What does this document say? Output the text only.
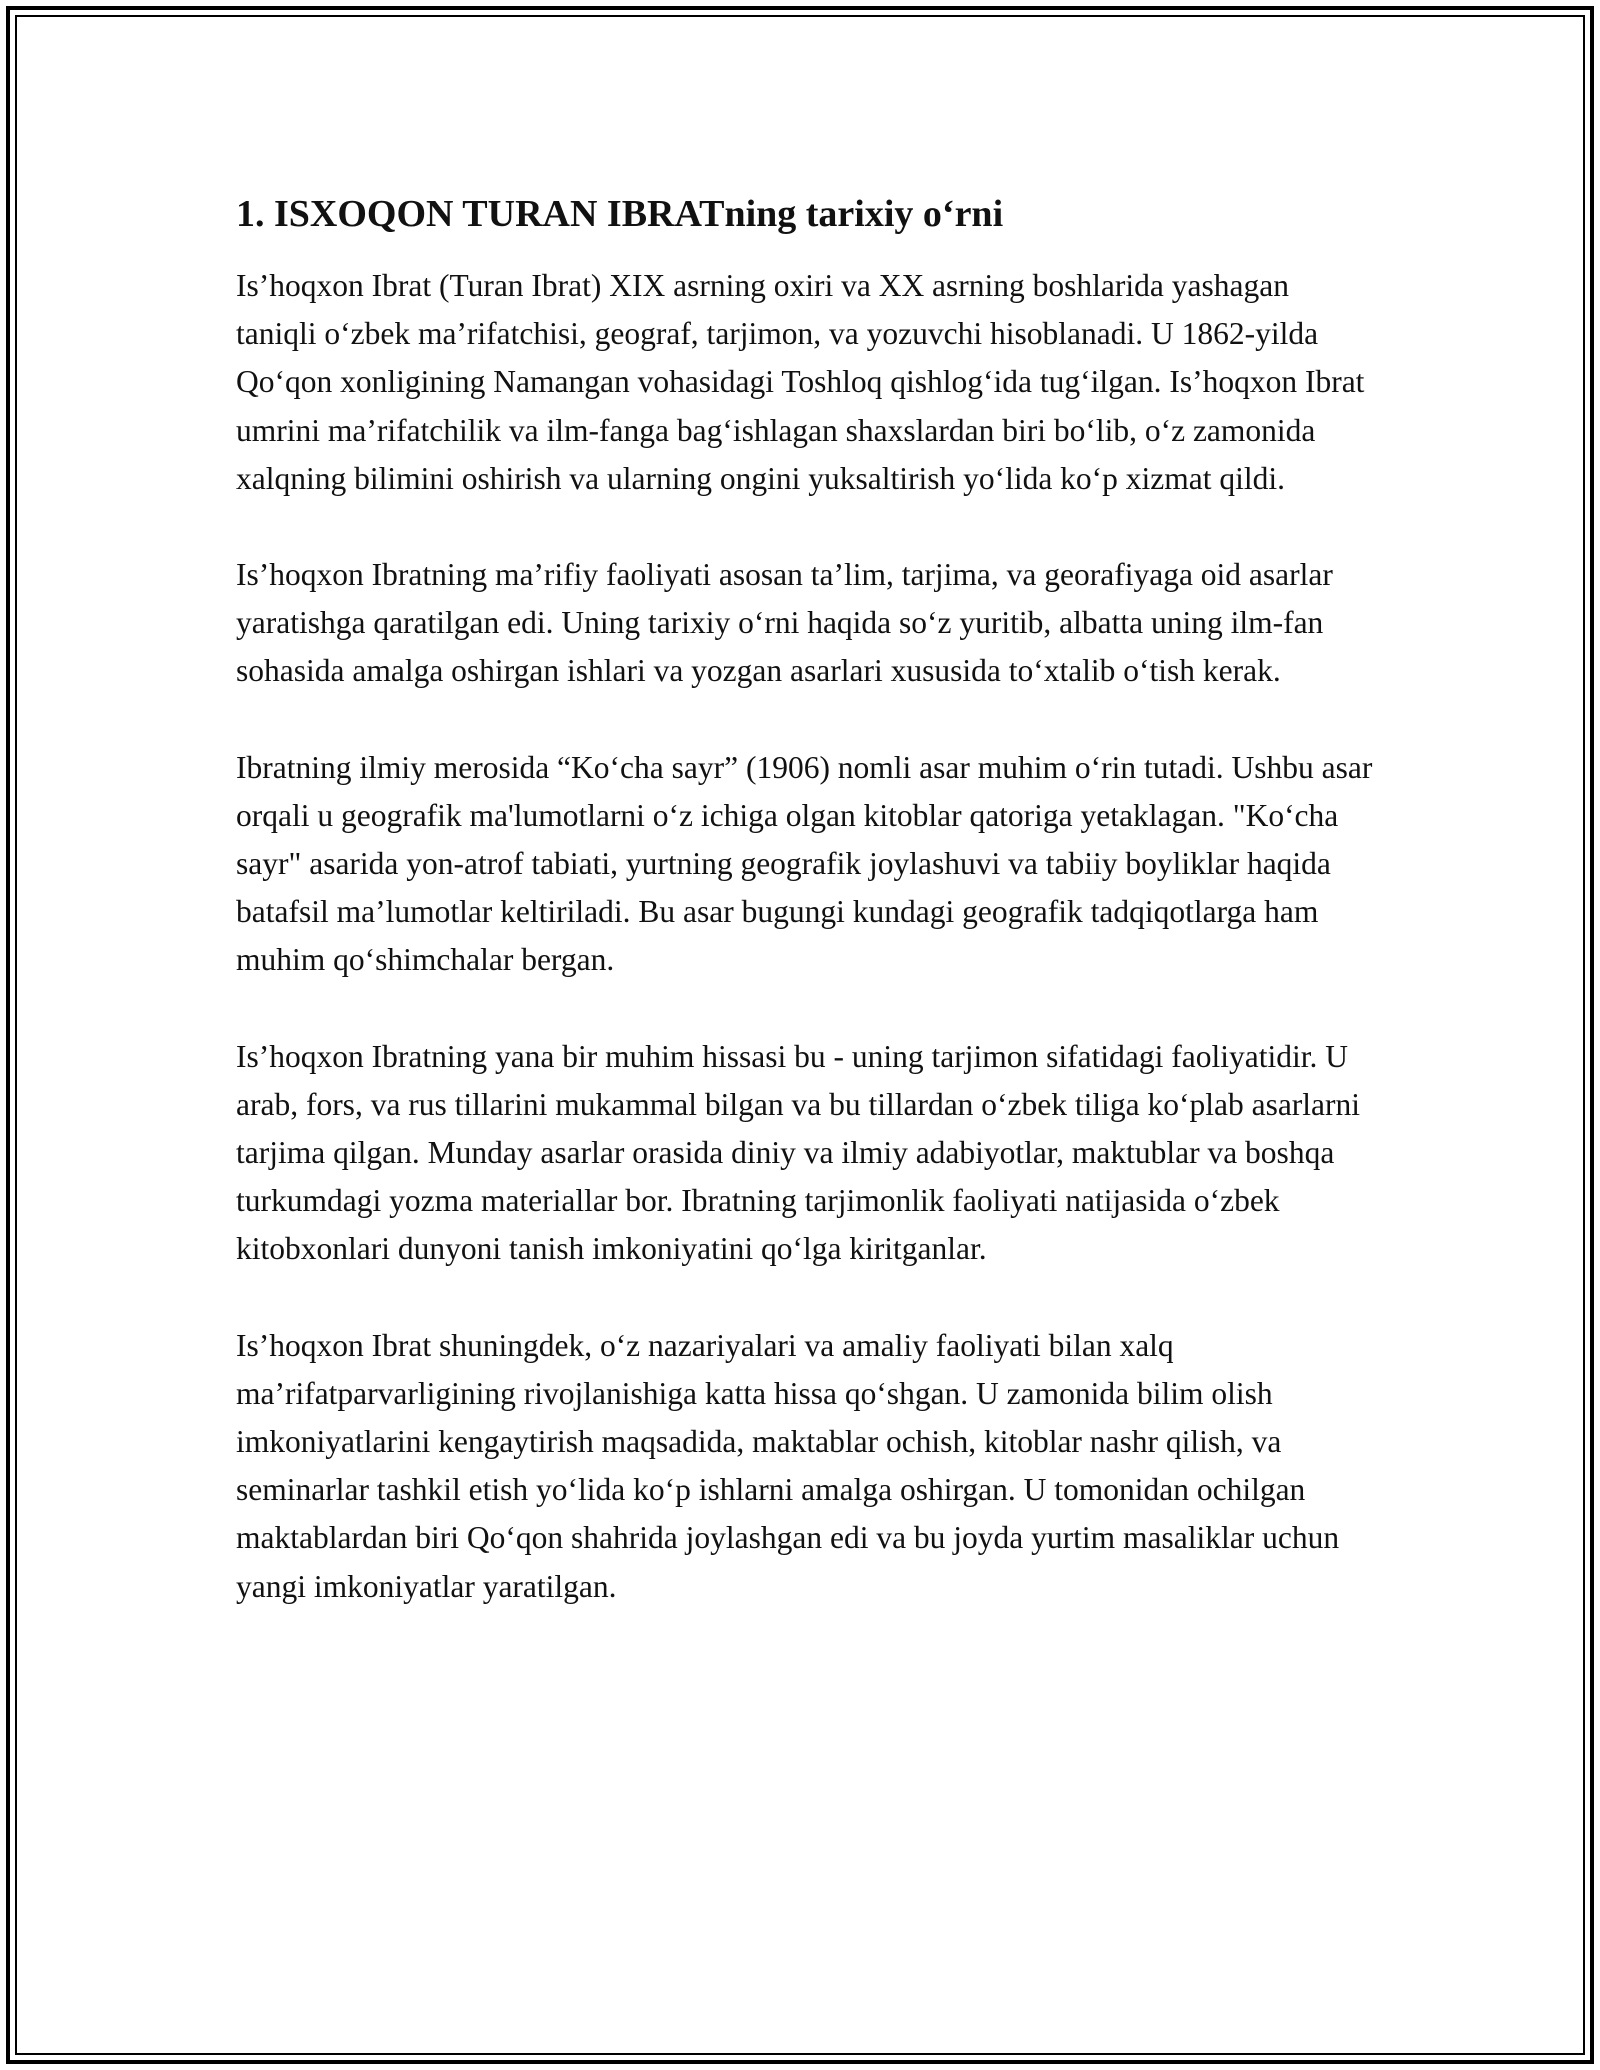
1. ISXOQON TURAN IBRATning tarixiy o‘rni

Is’hoqxon Ibrat (Turan Ibrat) XIX asrning oxiri va XX asrning boshlarida yashagan taniqli o‘zbek ma’rifatchisi, geograf, tarjimon, va yozuvchi hisoblanadi. U 1862-yilda Qo‘qon xonligining Namangan vohasidagi Toshloq qishlog‘ida tug‘ilgan. Is’hoqxon Ibrat umrini ma’rifatchilik va ilm-fanga bag‘ishlagan shaxslardan biri bo‘lib, o‘z zamonida xalqning bilimini oshirish va ularning ongini yuksaltirish yo‘lida ko‘p xizmat qildi.

Is’hoqxon Ibratning ma’rifiy faoliyati asosan ta’lim, tarjima, va georafiyaga oid asarlar yaratishga qaratilgan edi. Uning tarixiy o‘rni haqida so‘z yuritib, albatta uning ilm-fan sohasida amalga oshirgan ishlari va yozgan asarlari xususida to‘xtalib o‘tish kerak.

Ibratning ilmiy merosida “Ko‘cha sayr” (1906) nomli asar muhim o‘rin tutadi. Ushbu asar orqali u geografik ma'lumotlarni o‘z ichiga olgan kitoblar qatoriga yetaklagan. "Ko‘cha sayr" asarida yon-atrof tabiati, yurtning geografik joylashuvi va tabiiy boyliklar haqida batafsil ma’lumotlar keltiriladi. Bu asar bugungi kundagi geografik tadqiqotlarga ham muhim qo‘shimchalar bergan.

Is’hoqxon Ibratning yana bir muhim hissasi bu - uning tarjimon sifatidagi faoliyatidir. U arab, fors, va rus tillarini mukammal bilgan va bu tillardan o‘zbek tiliga ko‘plab asarlarni tarjima qilgan. Munday asarlar orasida diniy va ilmiy adabiyotlar, maktublar va boshqa turkumdagi yozma materiallar bor. Ibratning tarjimonlik faoliyati natijasida o‘zbek kitobxonlari dunyoni tanish imkoniyatini qo‘lga kiritganlar.

Is’hoqxon Ibrat shuningdek, o‘z nazariyalari va amaliy faoliyati bilan xalq ma’rifatparvarligining rivojlanishiga katta hissa qo‘shgan. U zamonida bilim olish imkoniyatlarini kengaytirish maqsadida, maktablar ochish, kitoblar nashr qilish, va seminarlar tashkil etish yo‘lida ko‘p ishlarni amalga oshirgan. U tomonidan ochilgan maktablardan biri Qo‘qon shahrida joylashgan edi va bu joyda yurtim masaliklar uchun yangi imkoniyatlar yaratilgan.
